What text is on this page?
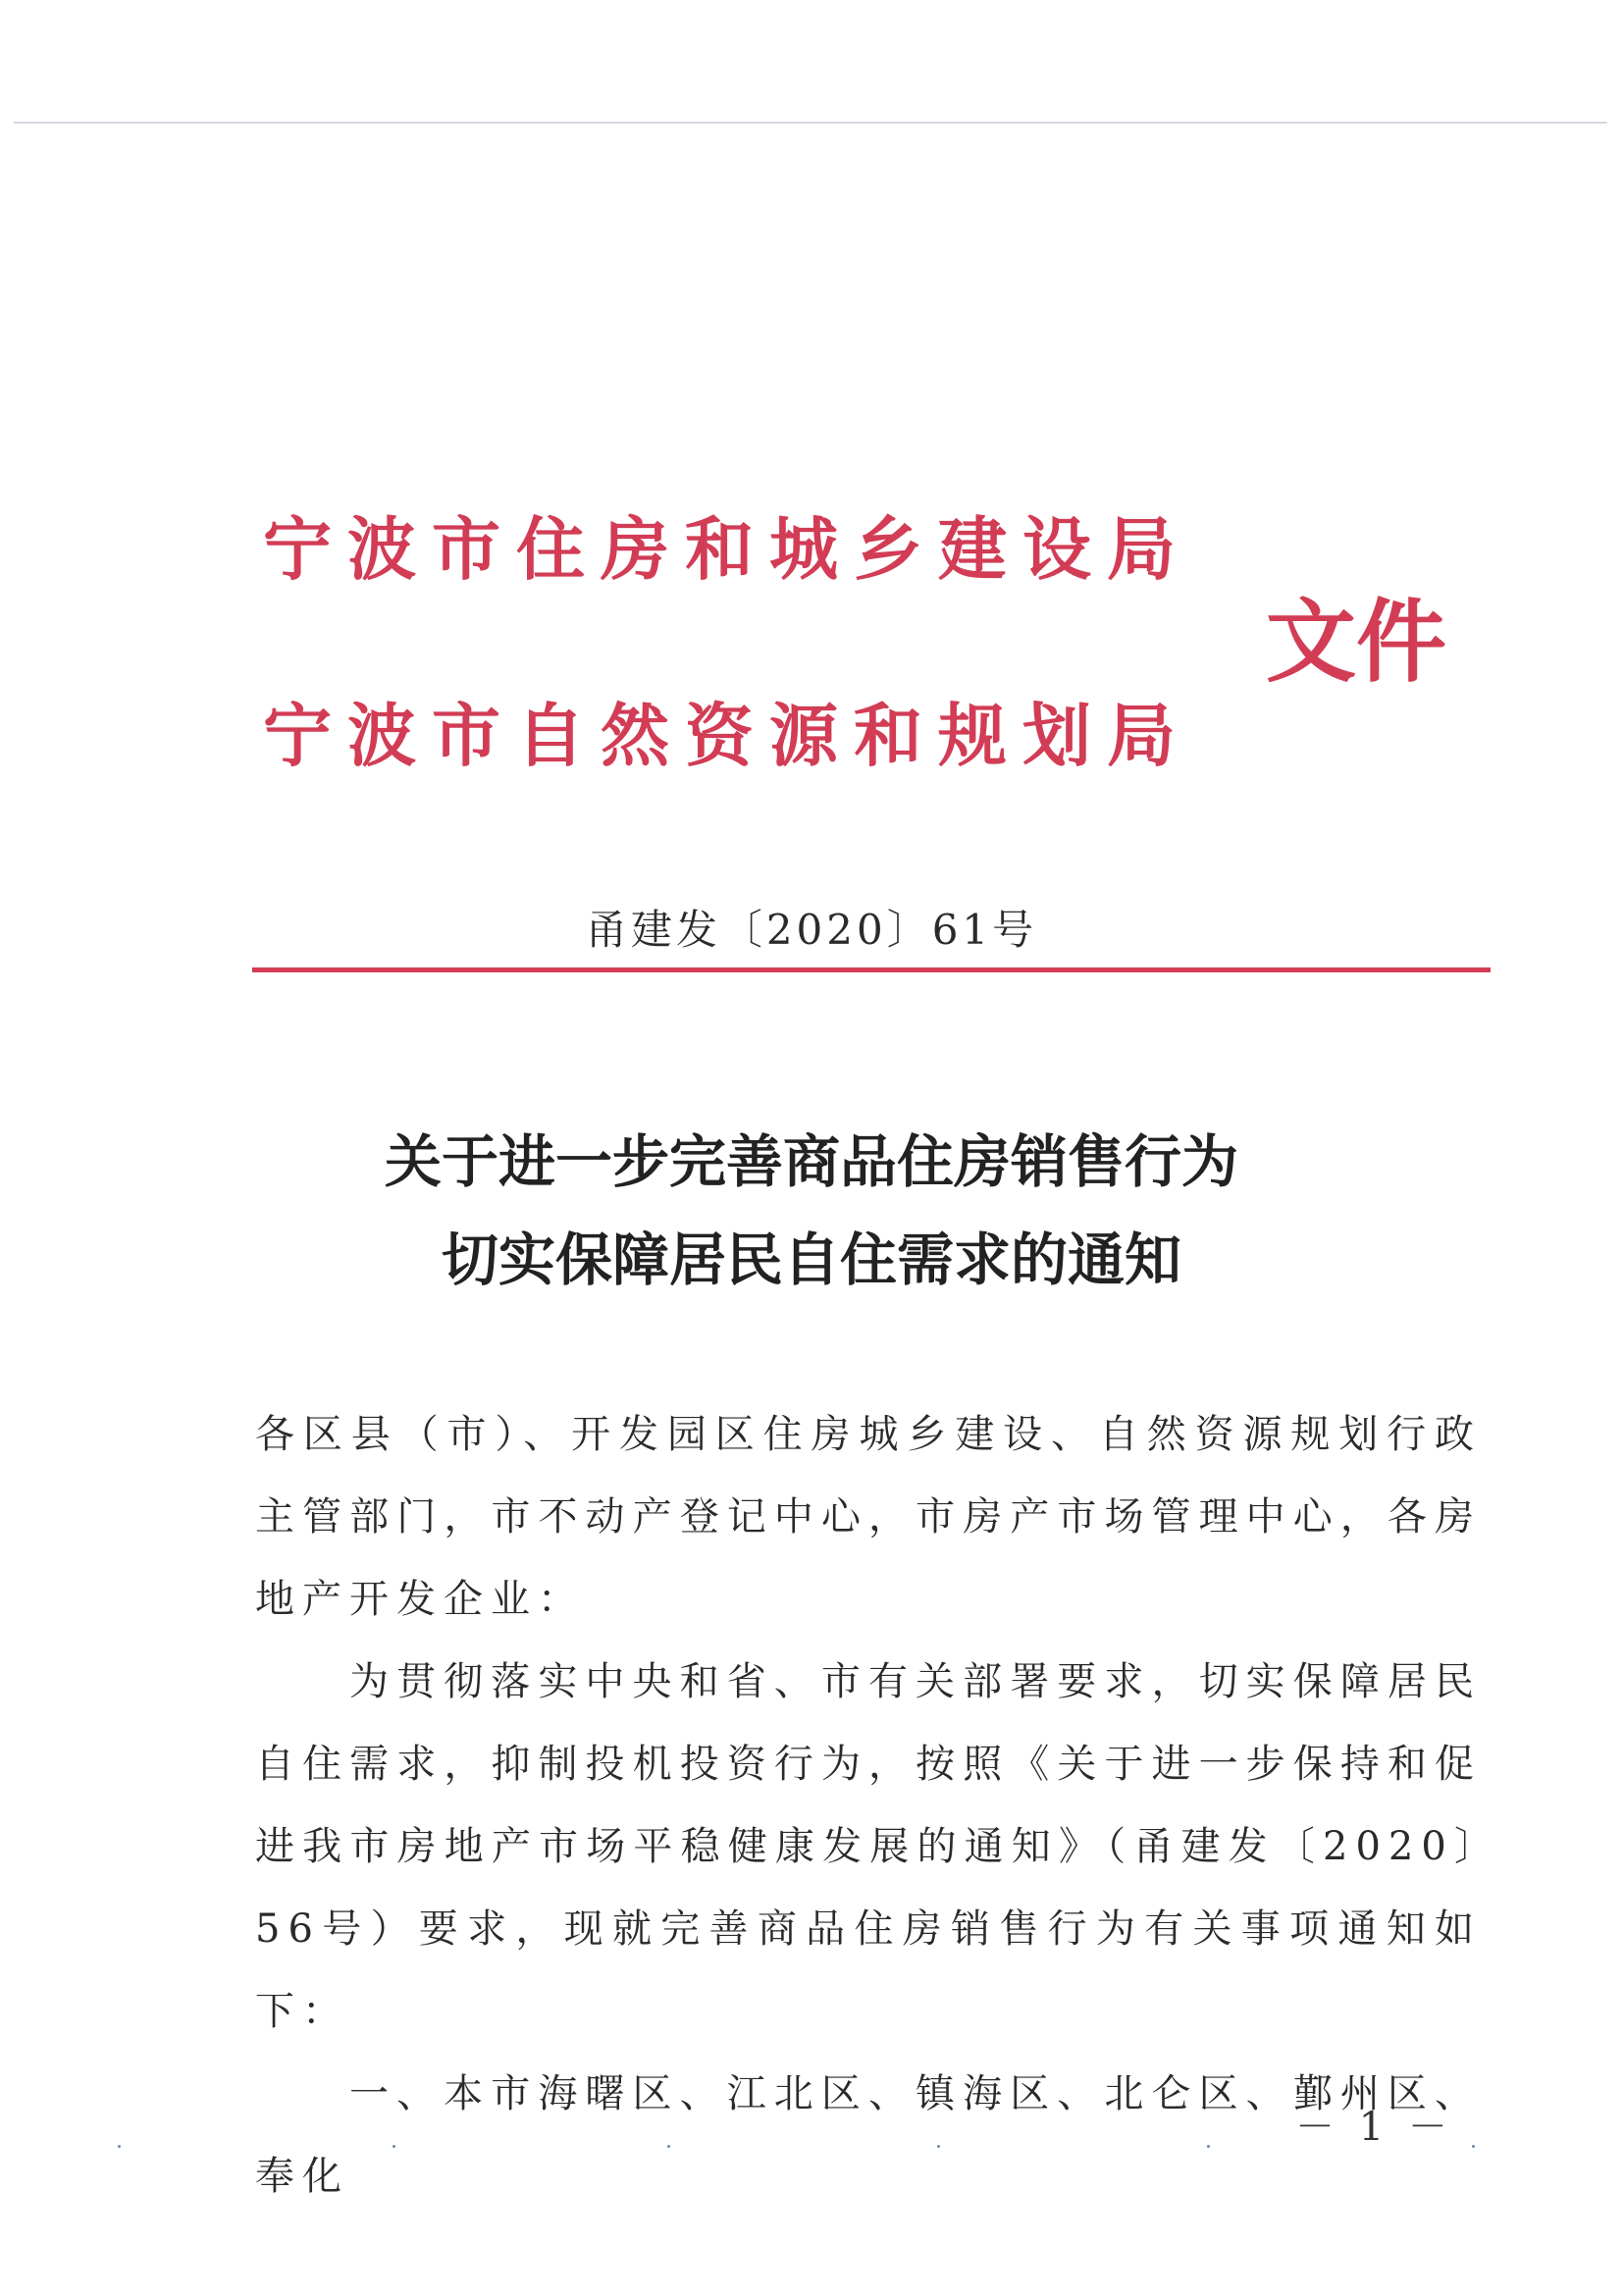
宁波市住房和城乡建设局
宁波市自然资源和规划局
文件
甬建发〔2020〕61号
关于进一步完善商品住房销售行为
切实保障居民自住需求的通知

各区县（市）、开发园区住房城乡建设、自然资源规划行政主管部门，市不动产登记中心，市房产市场管理中心，各房地产开发企业：

为贯彻落实中央和省、市有关部署要求，切实保障居民自住需求，抑制投机投资行为，按照《关于进一步保持和促进我市房地产市场平稳健康发展的通知》（甬建发〔2020〕56号）要求，现就完善商品住房销售行为有关事项通知如下：

一、本市海曙区、江北区、镇海区、北仑区、鄞州区、奉化

－ 1 －
